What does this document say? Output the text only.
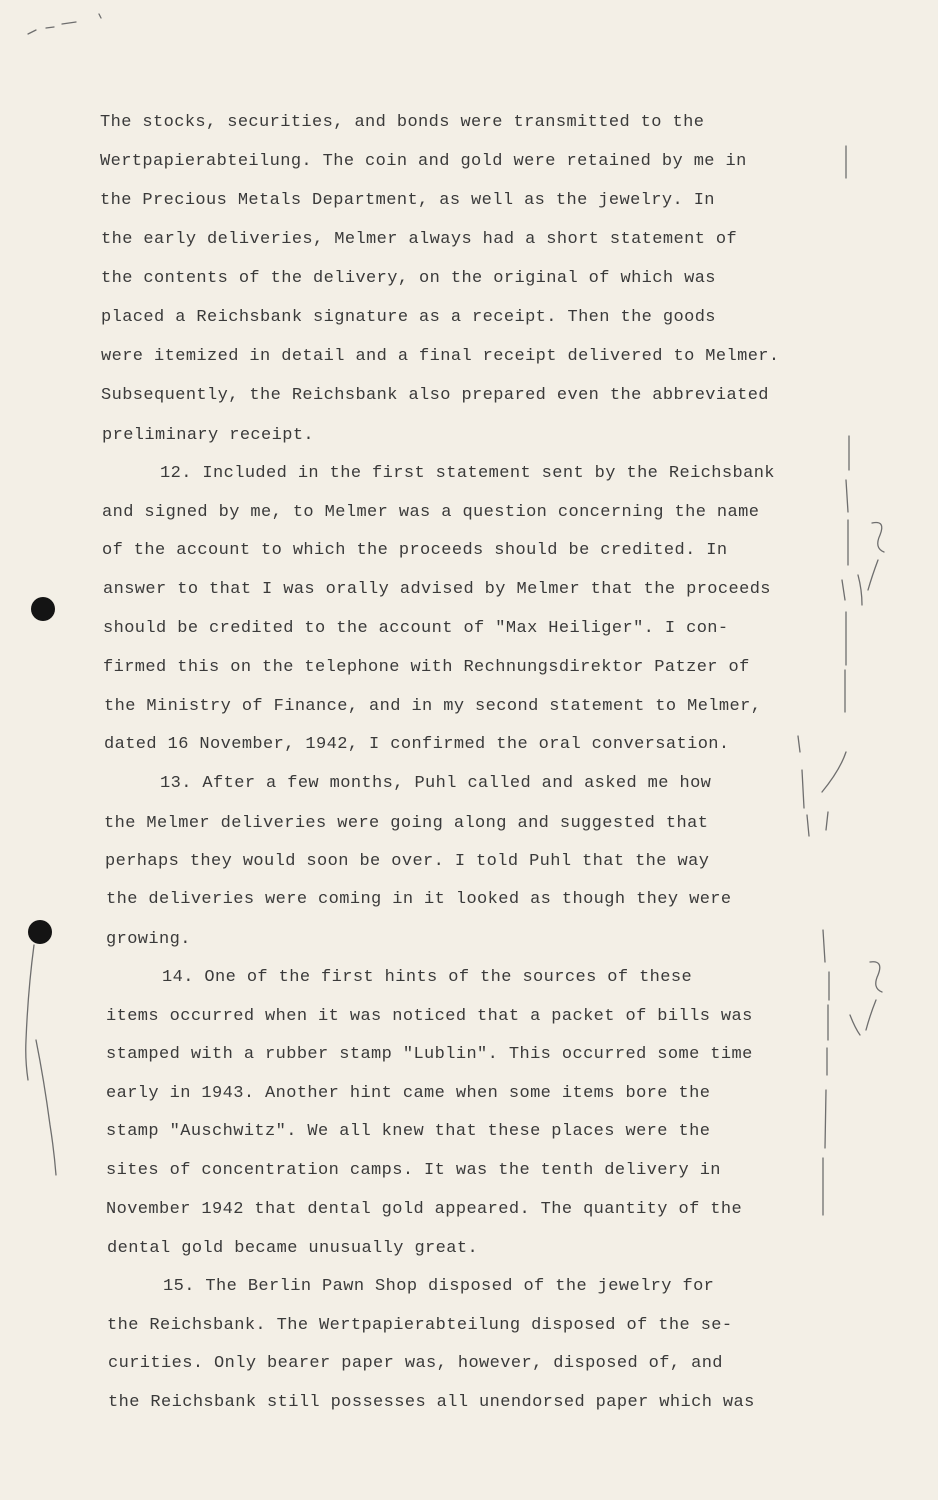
The stocks, securities, and bonds were transmitted to the
Wertpapierabteilung. The coin and gold were retained by me in
the Precious Metals Department, as well as the jewelry. In
the early deliveries, Melmer always had a short statement of
the contents of the delivery, on the original of which was
placed a Reichsbank signature as a receipt. Then the goods
were itemized in detail and a final receipt delivered to Melmer.
Subsequently, the Reichsbank also prepared even the abbreviated
preliminary receipt.
12. Included in the first statement sent by the Reichsbank
and signed by me, to Melmer was a question concerning the name
of the account to which the proceeds should be credited. In
answer to that I was orally advised by Melmer that the proceeds
should be credited to the account of "Max Heiliger". I con-
firmed this on the telephone with Rechnungsdirektor Patzer of
the Ministry of Finance, and in my second statement to Melmer,
dated 16 November, 1942, I confirmed the oral conversation.
13. After a few months, Puhl called and asked me how
the Melmer deliveries were going along and suggested that
perhaps they would soon be over. I told Puhl that the way
the deliveries were coming in it looked as though they were
growing.
14. One of the first hints of the sources of these
items occurred when it was noticed that a packet of bills was
stamped with a rubber stamp "Lublin". This occurred some time
early in 1943. Another hint came when some items bore the
stamp "Auschwitz". We all knew that these places were the
sites of concentration camps. It was the tenth delivery in
November 1942 that dental gold appeared. The quantity of the
dental gold became unusually great.
15. The Berlin Pawn Shop disposed of the jewelry for
the Reichsbank. The Wertpapierabteilung disposed of the se-
curities. Only bearer paper was, however, disposed of, and
the Reichsbank still possesses all unendorsed paper which was
